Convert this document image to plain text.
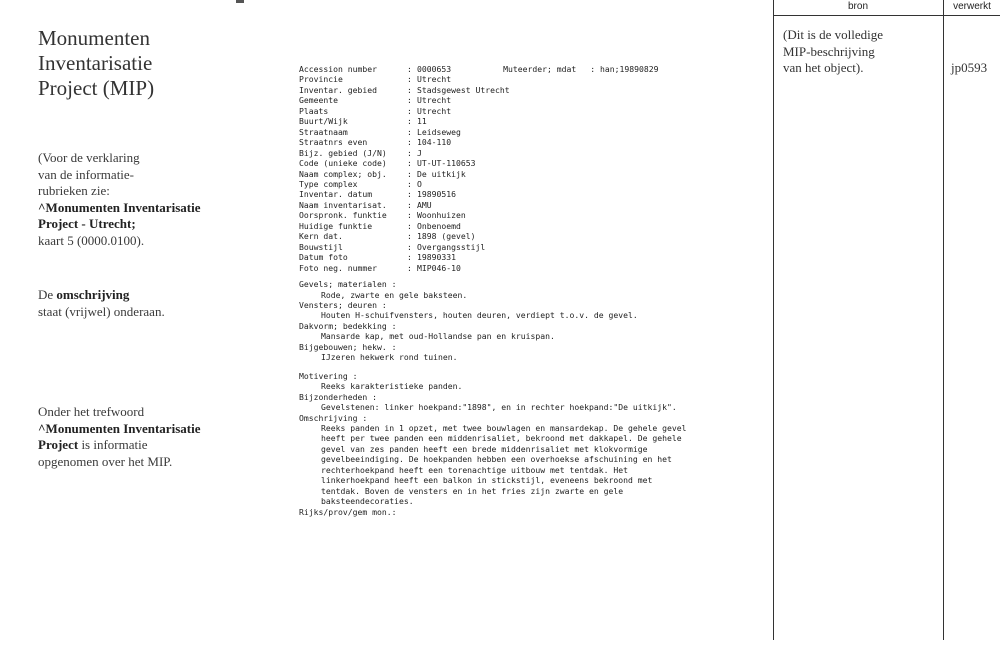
Monumenten
Inventarisatie
Project (MIP)
(Voor de verklaring
van de informatie-
rubrieken zie:
^Monumenten Inventarisatie
Project - Utrecht;
kaart 5 (0000.0100).
De omschrijving
staat (vrijwel) onderaan.
Onder het trefwoord
^Monumenten Inventarisatie
Project is informatie
opgenomen over het MIP.
Accession number	: 0000653	Muteerder; mdat : han;19890829
Provincie	: Utrecht
Inventar. gebied	: Stadsgewest Utrecht
Gemeente	: Utrecht
Plaats	: Utrecht
Buurt/Wijk	: 11
Straatnaam	: Leidseweg
Straatnrs even	: 104-110
Bijz. gebied (J/N)	: J
Code (unieke code)	: UT-UT-110653
Naam complex; obj.	: De uitkijk
Type complex	: O
Inventar. datum	: 19890516
Naam inventarisat.	: AMU
Oorspronk. funktie	: Woonhuizen
Huidige funktie	: Onbenoemd
Kern dat.	: 1898 (gevel)
Bouwstijl	: Overgangsstijl
Datum foto	: 19890331
Foto neg. nummer	: MIP046-10
Gevels; materialen :
Rode, zwarte en gele baksteen.
Vensters; deuren :
Houten H-schuifvensters, houten deuren, verdiept t.o.v. de gevel.
Dakvorm; bedekking :
Mansarde kap, met oud-Hollandse pan en kruispan.
Bijgebouwen; hekw. :
IJzeren hekwerk rond tuinen.
Motivering :
Reeks karakteristieke panden.
Bijzonderheden :
Gevelstenen: linker hoekpand:"1898", en in rechter hoekpand:"De uitkijk".
Omschrijving :
Reeks panden in 1 opzet, met twee bouwlagen en mansardekap. De gehele gevel
heeft per twee panden een middenrisaliet, bekroond met dakkapel. De gehele
gevel van zes panden heeft een brede middenrisaliet met klokvormige
gevelbeeindiging. De hoekpanden hebben een overhoekse afschuining en het
rechterhoekpand heeft een torenachtige uitbouw met tentdak. Het
linkerhoekpand heeft een balkon in stickstijl, eveneens bekroond met
tentdak. Boven de vensters en in het fries zijn zwarte en gele
baksteendecoraties.
Rijks/prov/gem mon.:
bron	verwerkt
(Dit is de volledige
MIP-beschrijving
van het object).	jp0593
